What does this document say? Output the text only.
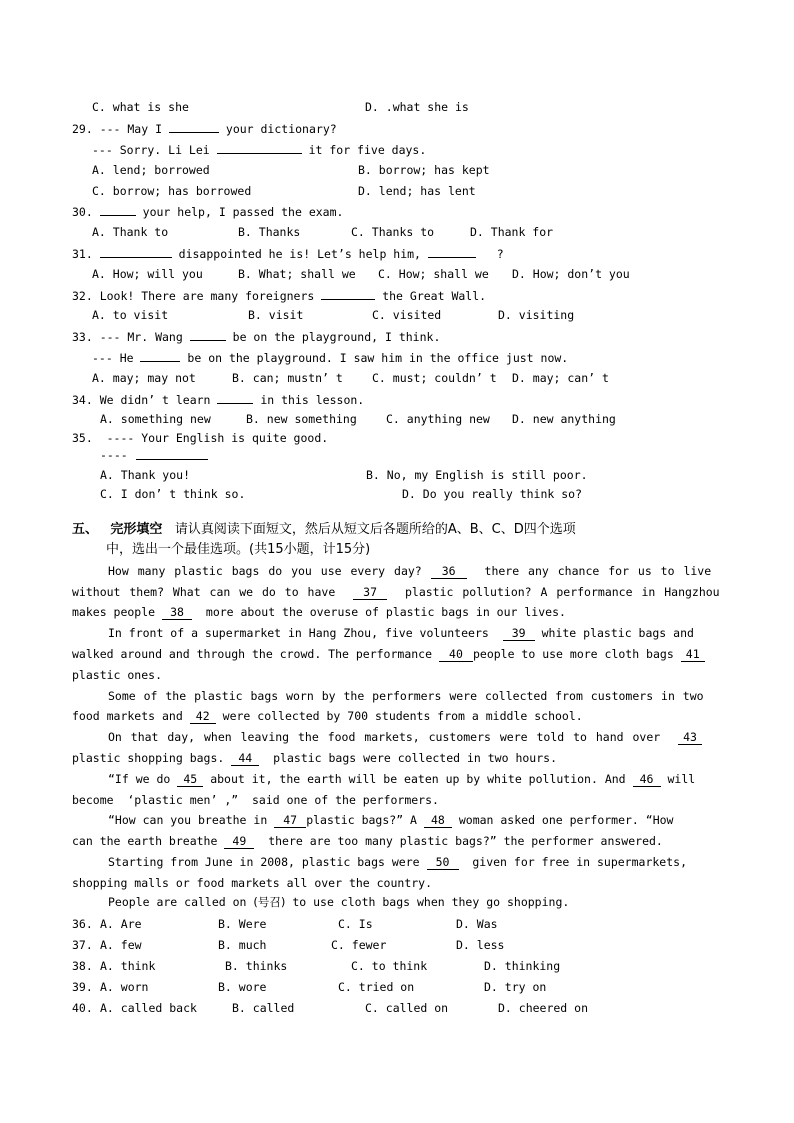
C. what is she	D. .what she is
29. --- May I	your dictionary?
--- Sorry. Li Lei	it for five days.
A. lend; borrowed	B. borrow; has kept
C. borrow; has borrowed	D. lend; has lent
30.	your help, I passed the exam.
A. Thank to	B. Thanks	C. Thanks to	D. Thank for
31.	disappointed he is! Let’s help him,	?
A. How; will you	B. What; shall we C. How; shall we D. How; don’t you
32. Look! There are many foreigners	the Great Wall.
A. to visit	B. visit	C. visited	D. visiting
33. --- Mr. Wang	be on the playground, I think.
--- He	be on the playground. I saw him in the office just now.
A. may; may not	B. can; mustn’ t	C. must; couldn’ t D. may; can’ t
34. We didn’ t learn	in this lesson.
A. something new	B. new something	C. anything new D. new anything
35.  ---- Your English is quite good.
----
A. Thank you!	B. No, my English is still poor.
C. I don’ t think so.	D. Do you really think so?
五、 完形填空 请认真阅读下面短文，然后从短文后各题所给的A、B、C、D四个选项
中，选出一个最佳选项。(共15小题，计15分)
How many plastic bags do you use every day? 36	there any chance for us to live
without them? What can we do to have 37 plastic pollution? A performance in Hangzhou
makes people 38 more about the overuse of plastic bags in our lives.
In front of a supermarket in Hang Zhou, five volunteers 39 white plastic bags and
walked around and through the crowd. The performance 40 people to use more cloth bags 41
plastic ones.
Some of the plastic bags worn by the performers were collected from customers in two
food markets and 42 were collected by 700 students from a middle school.
On that day, when leaving the food markets, customers were told to hand over 43
plastic shopping bags. 44 plastic bags were collected in two hours.
“If we do 45 about it, the earth will be eaten up by white pollution. And 46 will
become  ‘plastic men’ ,”  said one of the performers.
“How can you breathe in 47 plastic bags?” A 48 woman asked one performer. “How
can the earth breathe 49 there are too many plastic bags?” the performer answered.
Starting from June in 2008, plastic bags were 50 given for free in supermarkets,
shopping malls or food markets all over the country.
People are called on (号召) to use cloth bags when they go shopping.
36. A. Are	B. Were	C. Is	D. Was
37. A. few	B. much	C. fewer	D. less
38. A. think	B. thinks	C. to think	D. thinking
39. A. worn	B. wore	C. tried on	D. try on
40. A. called back	B. called	C. called on	D. cheered on
